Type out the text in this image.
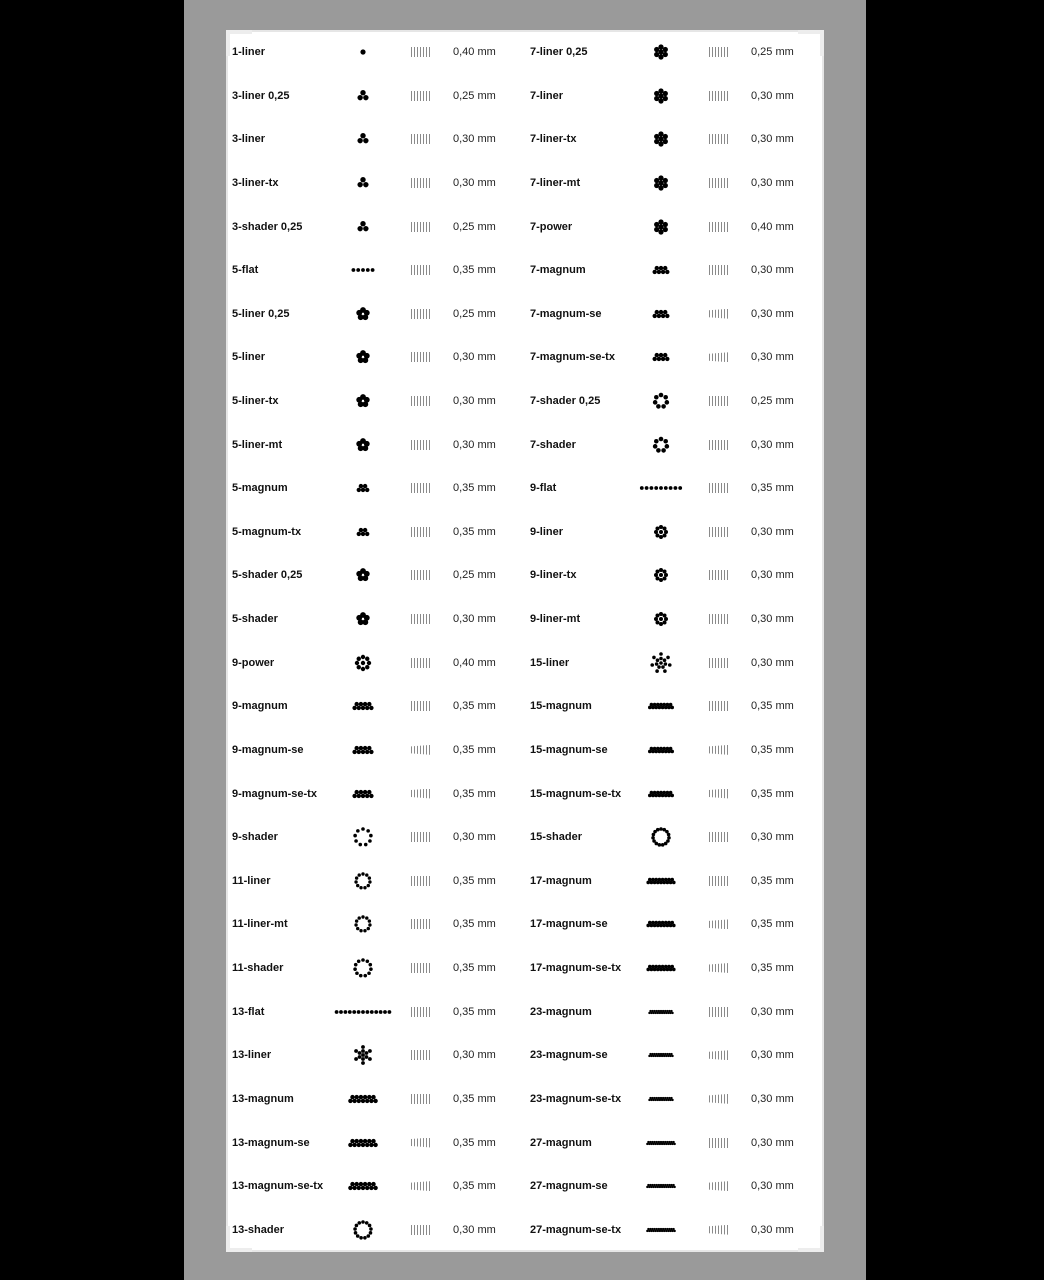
1-liner	0,40 mm
3-liner 0,25	0,25 mm
3-liner	0,30 mm
3-liner-tx	0,30 mm
3-shader 0,25	0,25 mm
5-flat	0,35 mm
5-liner 0,25	0,25 mm
5-liner	0,30 mm
5-liner-tx	0,30 mm
5-liner-mt	0,30 mm
5-magnum	0,35 mm
5-magnum-tx	0,35 mm
5-shader 0,25	0,25 mm
5-shader	0,30 mm
9-power	0,40 mm
9-magnum	0,35 mm
9-magnum-se	0,35 mm
9-magnum-se-tx	0,35 mm
9-shader	0,30 mm
11-liner	0,35 mm
11-liner-mt	0,35 mm
11-shader	0,35 mm
13-flat	0,35 mm
13-liner	0,30 mm
13-magnum	0,35 mm
13-magnum-se	0,35 mm
13-magnum-se-tx	0,35 mm
13-shader	0,30 mm
7-liner 0,25	0,25 mm
7-liner	0,30 mm
7-liner-tx	0,30 mm
7-liner-mt	0,30 mm
7-power	0,40 mm
7-magnum	0,30 mm
7-magnum-se	0,30 mm
7-magnum-se-tx	0,30 mm
7-shader 0,25	0,25 mm
7-shader	0,30 mm
9-flat	0,35 mm
9-liner	0,30 mm
9-liner-tx	0,30 mm
9-liner-mt	0,30 mm
15-liner	0,30 mm
15-magnum	0,35 mm
15-magnum-se	0,35 mm
15-magnum-se-tx	0,35 mm
15-shader	0,30 mm
17-magnum	0,35 mm
17-magnum-se	0,35 mm
17-magnum-se-tx	0,35 mm
23-magnum	0,30 mm
23-magnum-se	0,30 mm
23-magnum-se-tx	0,30 mm
27-magnum	0,30 mm
27-magnum-se	0,30 mm
27-magnum-se-tx	0,30 mm
